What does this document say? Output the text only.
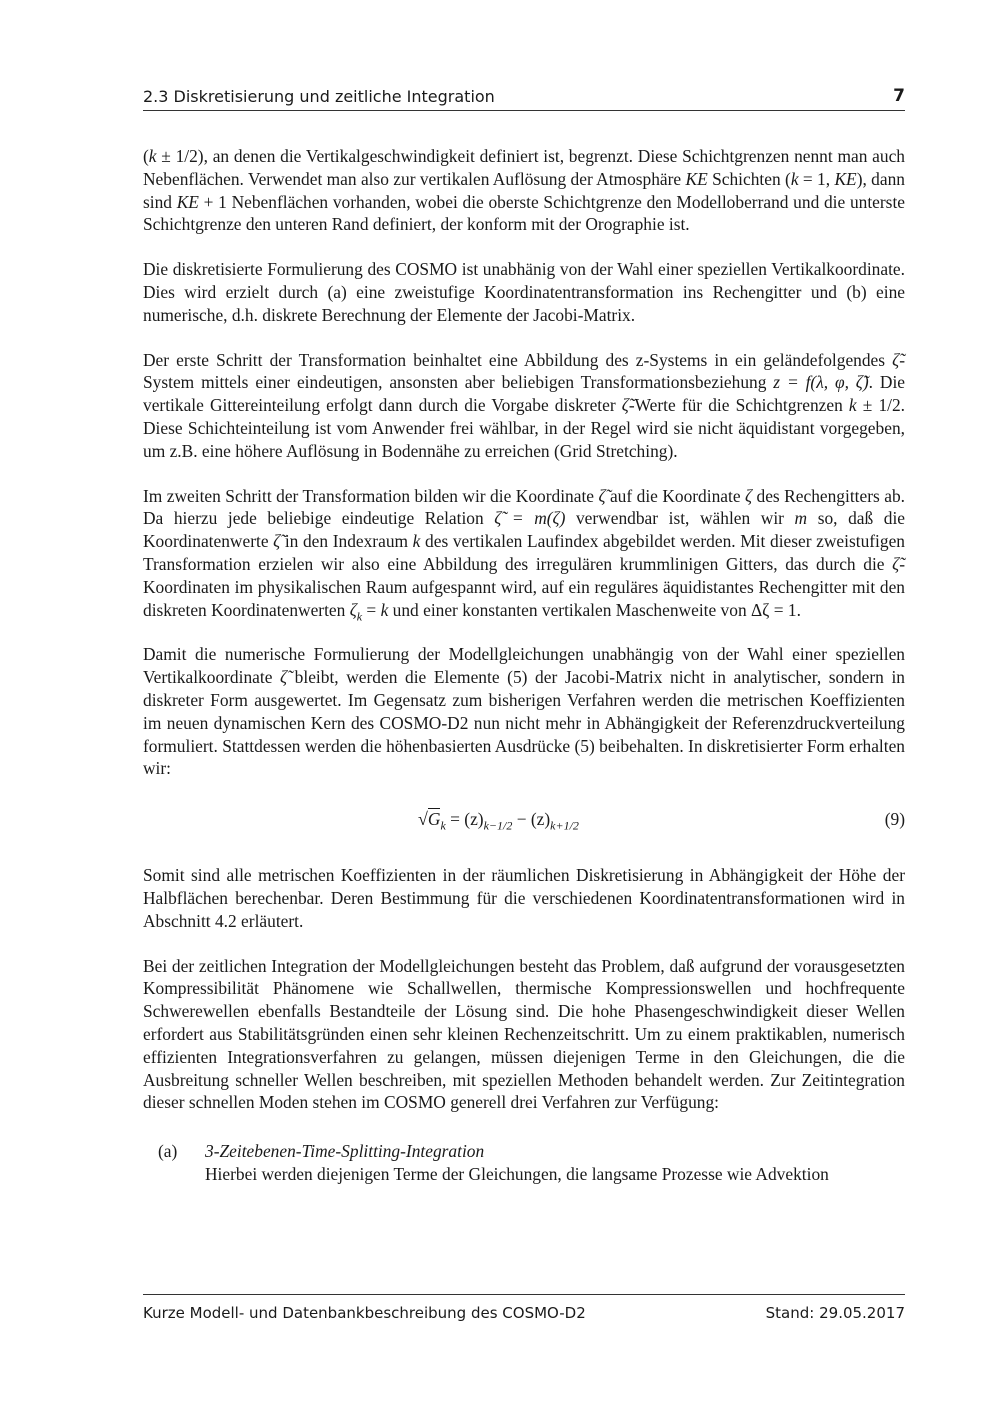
2.3 Diskretisierung und zeitliche Integration	7

(k ± 1/2), an denen die Vertikalgeschwindigkeit definiert ist, begrenzt. Diese Schichtgrenzen nennt man auch Nebenflächen. Verwendet man also zur vertikalen Auflösung der Atmosphäre KE Schichten (k = 1, KE), dann sind KE + 1 Nebenflächen vorhanden, wobei die oberste Schichtgrenze den Modelloberrand und die unterste Schichtgrenze den unteren Rand definiert, der konform mit der Orographie ist.

Die diskretisierte Formulierung des COSMO ist unabhänig von der Wahl einer speziellen Vertikalkoordinate. Dies wird erzielt durch (a) eine zweistufige Koordinatentransformation ins Rechengitter und (b) eine numerische, d.h. diskrete Berechnung der Elemente der Jacobi-Matrix.

Der erste Schritt der Transformation beinhaltet eine Abbildung des z-Systems in ein geländefolgendes ζ̃-System mittels einer eindeutigen, ansonsten aber beliebigen Transformationsbeziehung z = f(λ, φ, ζ̃). Die vertikale Gittereinteilung erfolgt dann durch die Vorgabe diskreter ζ̃-Werte für die Schichtgrenzen k ± 1/2. Diese Schichteinteilung ist vom Anwender frei wählbar, in der Regel wird sie nicht äquidistant vorgegeben, um z.B. eine höhere Auflösung in Bodennähe zu erreichen (Grid Stretching).

Im zweiten Schritt der Transformation bilden wir die Koordinate ζ̃ auf die Koordinate ζ des Rechengitters ab. Da hierzu jede beliebige eindeutige Relation ζ̃ = m(ζ) verwendbar ist, wählen wir m so, daß die Koordinatenwerte ζ̃ in den Indexraum k des vertikalen Laufindex abgebildet werden. Mit dieser zweistufigen Transformation erzielen wir also eine Abbildung des irregulären krummlinigen Gitters, das durch die ζ̃-Koordinaten im physikalischen Raum aufgespannt wird, auf ein reguläres äquidistantes Rechengitter mit den diskreten Koordinatenwerten $\zeta_k = k$ und einer konstanten vertikalen Maschenweite von Δζ = 1.

Damit die numerische Formulierung der Modellgleichungen unabhängig von der Wahl einer speziellen Vertikalkoordinate ζ̃ bleibt, werden die Elemente (5) der Jacobi-Matrix nicht in analytischer, sondern in diskreter Form ausgewertet. Im Gegensatz zum bisherigen Verfahren werden die metrischen Koeffizienten im neuen dynamischen Kern des COSMO-D2 nun nicht mehr in Abhängigkeit der Referenzdruckverteilung formuliert. Stattdessen werden die höhenbasierten Ausdrücke (5) beibehalten. In diskretisierter Form erhalten wir:

$√G_k = (z)_{k-1/2} - (z)_{k+1/2}$	(9)

Somit sind alle metrischen Koeffizienten in der räumlichen Diskretisierung in Abhängigkeit der Höhe der Halbflächen berechenbar. Deren Bestimmung für die verschiedenen Koordinatentransformationen wird in Abschnitt 4.2 erläutert.

Bei der zeitlichen Integration der Modellgleichungen besteht das Problem, daß aufgrund der vorausgesetzten Kompressibilität Phänomene wie Schallwellen, thermische Kompressionswellen und hochfrequente Schwerewellen ebenfalls Bestandteile der Lösung sind. Die hohe Phasengeschwindigkeit dieser Wellen erfordert aus Stabilitätsgründen einen sehr kleinen Rechenzeitschritt. Um zu einem praktikablen, numerisch effizienten Integrationsverfahren zu gelangen, müssen diejenigen Terme in den Gleichungen, die die Ausbreitung schneller Wellen beschreiben, mit speziellen Methoden behandelt werden. Zur Zeitintegration dieser schnellen Moden stehen im COSMO generell drei Verfahren zur Verfügung:

(a) 3-Zeitebenen-Time-Splitting-Integration
Hierbei werden diejenigen Terme der Gleichungen, die langsame Prozesse wie Advektion
Kurze Modell- und Datenbankbeschreibung des COSMO-D2	Stand: 29.05.2017
